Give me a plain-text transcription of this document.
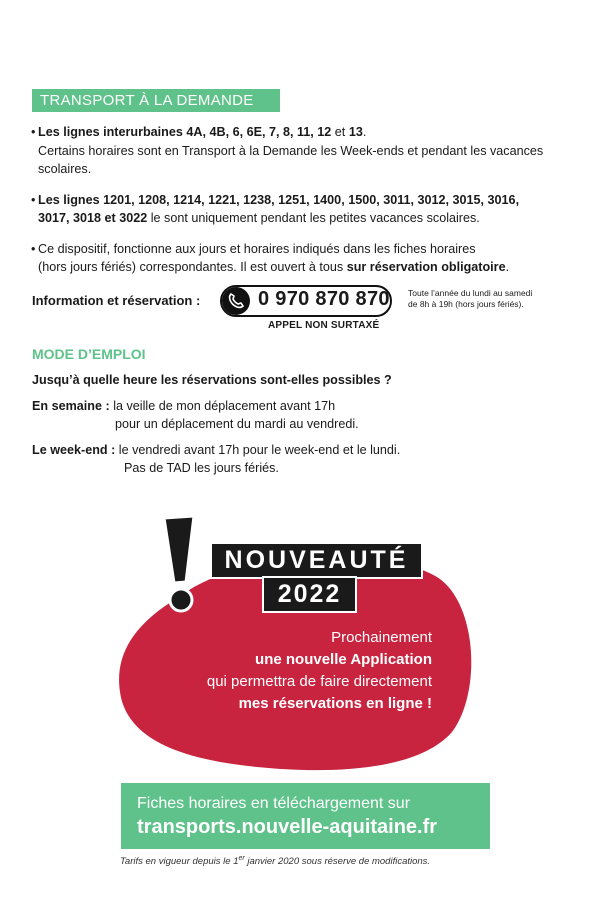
TRANSPORT À LA DEMANDE
• Les lignes interurbaines 4A, 4B, 6, 6E, 7, 8, 11, 12 et 13.
Certains horaires sont en Transport à la Demande les Week-ends et pendant les vacances
scolaires.
• Les lignes 1201, 1208, 1214, 1221, 1238, 1251, 1400, 1500, 3011, 3012, 3015, 3016,
3017, 3018 et 3022 le sont uniquement pendant les petites vacances scolaires.
• Ce dispositif, fonctionne aux jours et horaires indiqués dans les fiches horaires
(hors jours fériés) correspondantes. Il est ouvert à tous sur réservation obligatoire.
Information et réservation :	0 970 870 870
APPEL NON SURTAXÉ
Toute l’année du lundi au samedi
de 8h à 19h (hors jours fériés).
MODE D’EMPLOI
Jusqu’à quelle heure les réservations sont-elles possibles ?
En semaine : la veille de mon déplacement avant 17h
pour un déplacement du mardi au vendredi.
Le week-end : le vendredi avant 17h pour le week-end et le lundi.
Pas de TAD les jours fériés.
NOUVEAUTÉ
2022
Prochainement
une nouvelle Application
qui permettra de faire directement
mes réservations en ligne !
Fiches horaires en téléchargement sur
transports.nouvelle-aquitaine.fr
Tarifs en vigueur depuis le 1er janvier 2020 sous réserve de modifications.
